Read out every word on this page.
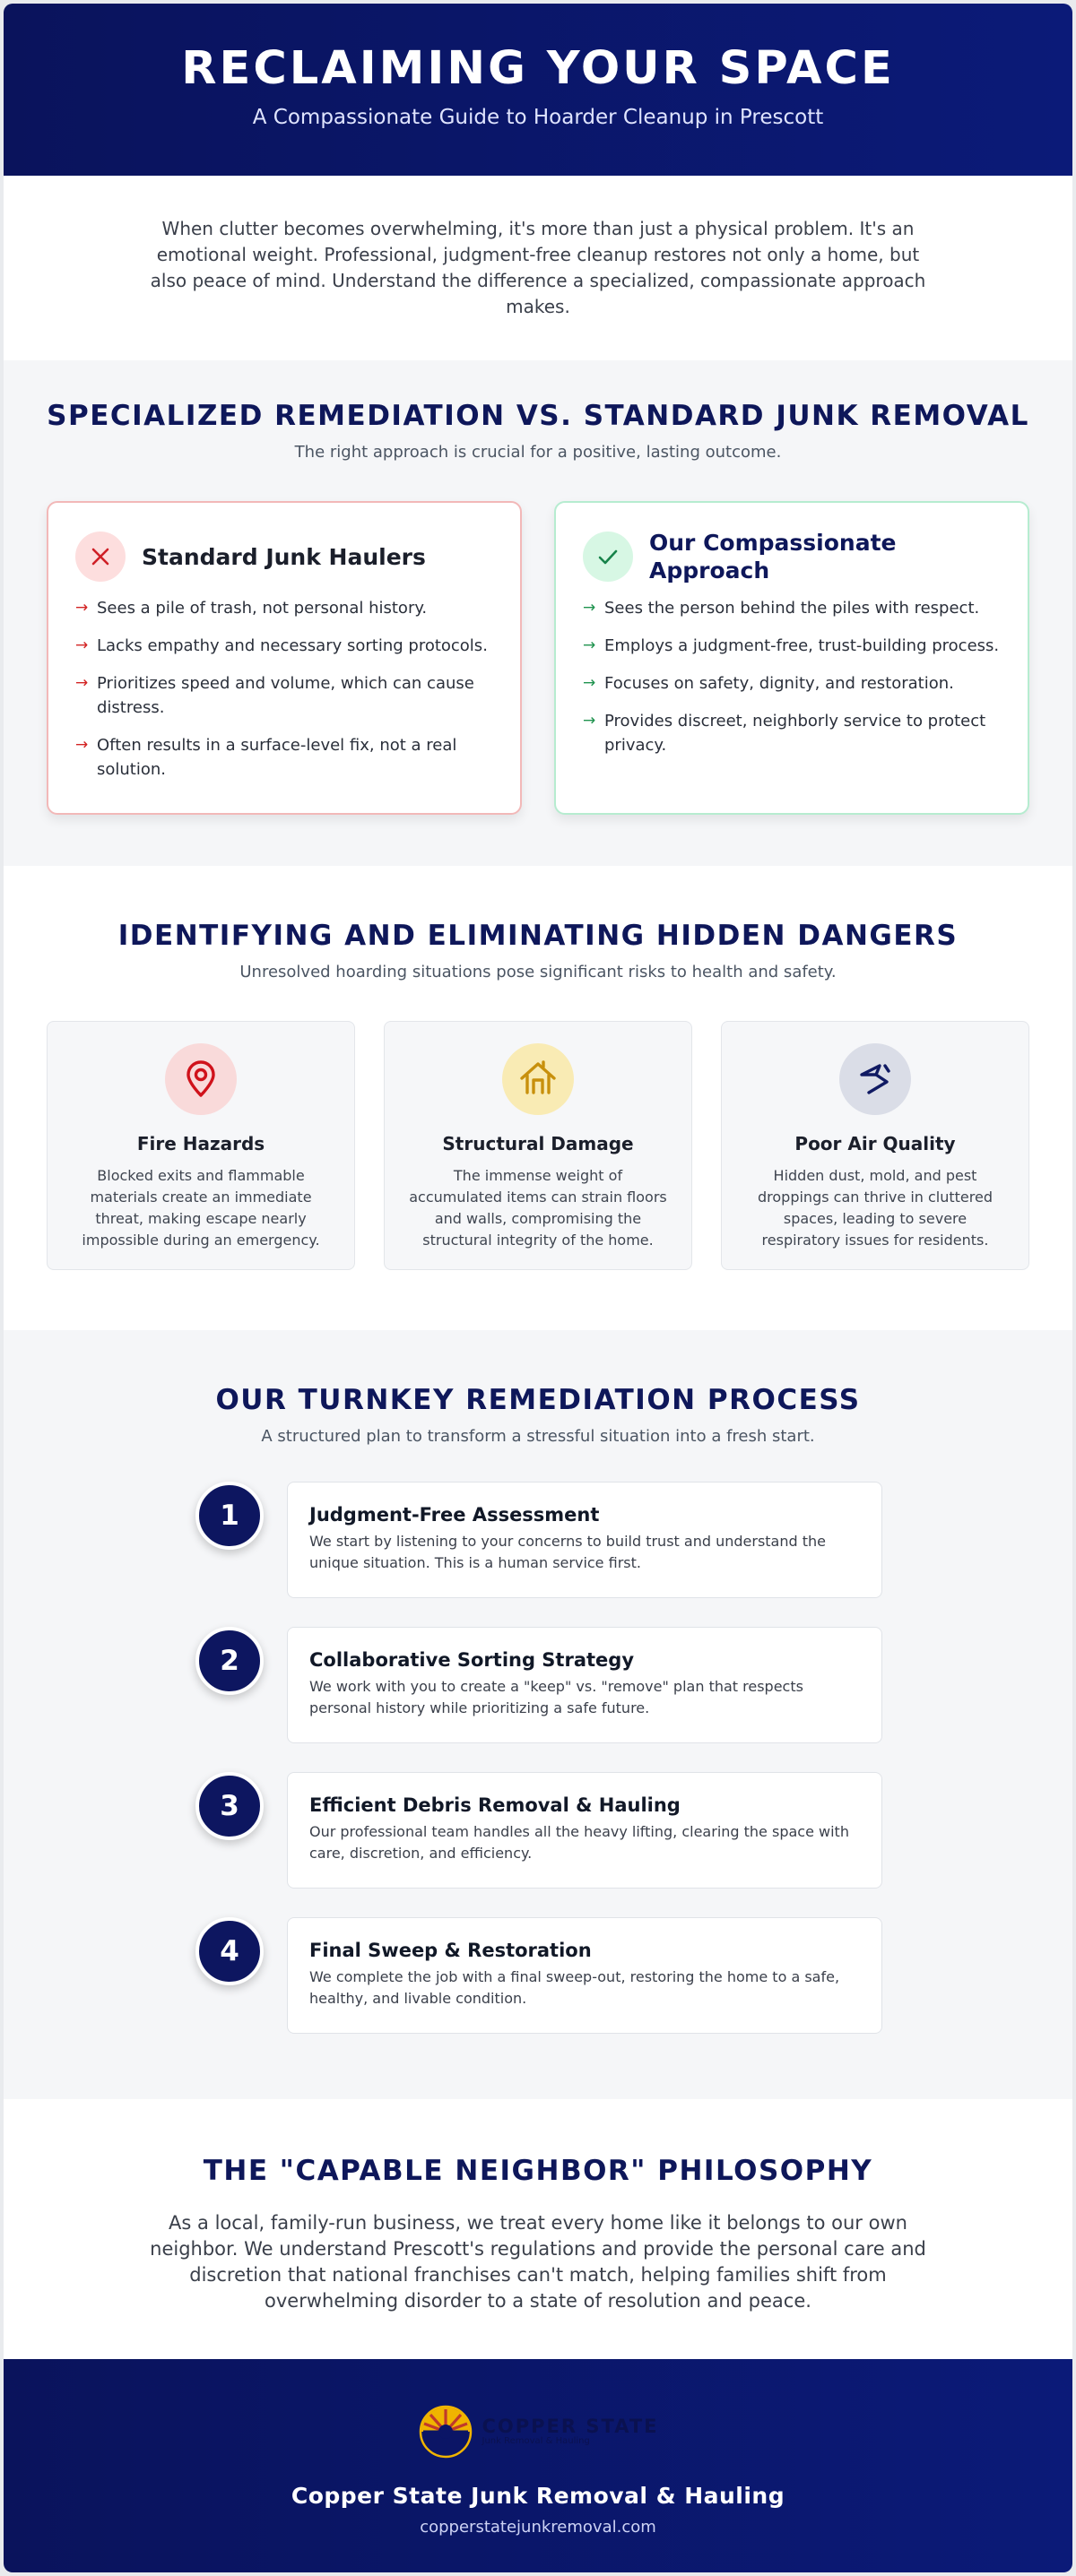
RECLAIMING YOUR SPACE

A Compassionate Guide to Hoarder Cleanup in Prescott

When clutter becomes overwhelming, it's more than just a physical problem. It's an emotional weight. Professional, judgment-free cleanup restores not only a home, but also peace of mind. Understand the difference a specialized, compassionate approach makes.

SPECIALIZED REMEDIATION VS. STANDARD JUNK REMOVAL

The right approach is crucial for a positive, lasting outcome.

Standard Junk Haulers
→ Sees a pile of trash, not personal history.
→ Lacks empathy and necessary sorting protocols.
→ Prioritizes speed and volume, which can cause distress.
→ Often results in a surface-level fix, not a real solution.
Our Compassionate Approach
→ Sees the person behind the piles with respect.
→ Employs a judgment-free, trust-building process.
→ Focuses on safety, dignity, and restoration.
→ Provides discreet, neighborly service to protect privacy.
IDENTIFYING AND ELIMINATING HIDDEN DANGERS

Unresolved hoarding situations pose significant risks to health and safety.

Fire Hazards
Blocked exits and flammable materials create an immediate threat, making escape nearly impossible during an emergency.
Structural Damage
The immense weight of accumulated items can strain floors and walls, compromising the structural integrity of the home.
Poor Air Quality
Hidden dust, mold, and pest droppings can thrive in cluttered spaces, leading to severe respiratory issues for residents.
OUR TURNKEY REMEDIATION PROCESS

A structured plan to transform a stressful situation into a fresh start.

1	Judgment-Free Assessment
We start by listening to your concerns to build trust and understand the unique situation. This is a human service first.
2	Collaborative Sorting Strategy
We work with you to create a "keep" vs. "remove" plan that respects personal history while prioritizing a safe future.
3	Efficient Debris Removal & Hauling
Our professional team handles all the heavy lifting, clearing the space with care, discretion, and efficiency.
4	Final Sweep & Restoration
We complete the job with a final sweep-out, restoring the home to a safe, healthy, and livable condition.
THE "CAPABLE NEIGHBOR" PHILOSOPHY

As a local, family-run business, we treat every home like it belongs to our own neighbor. We understand Prescott's regulations and provide the personal care and discretion that national franchises can't match, helping families shift from overwhelming disorder to a state of resolution and peace.

COPPER STATE
Junk Removal & Hauling
Copper State Junk Removal & Hauling
copperstatejunkremoval.com
